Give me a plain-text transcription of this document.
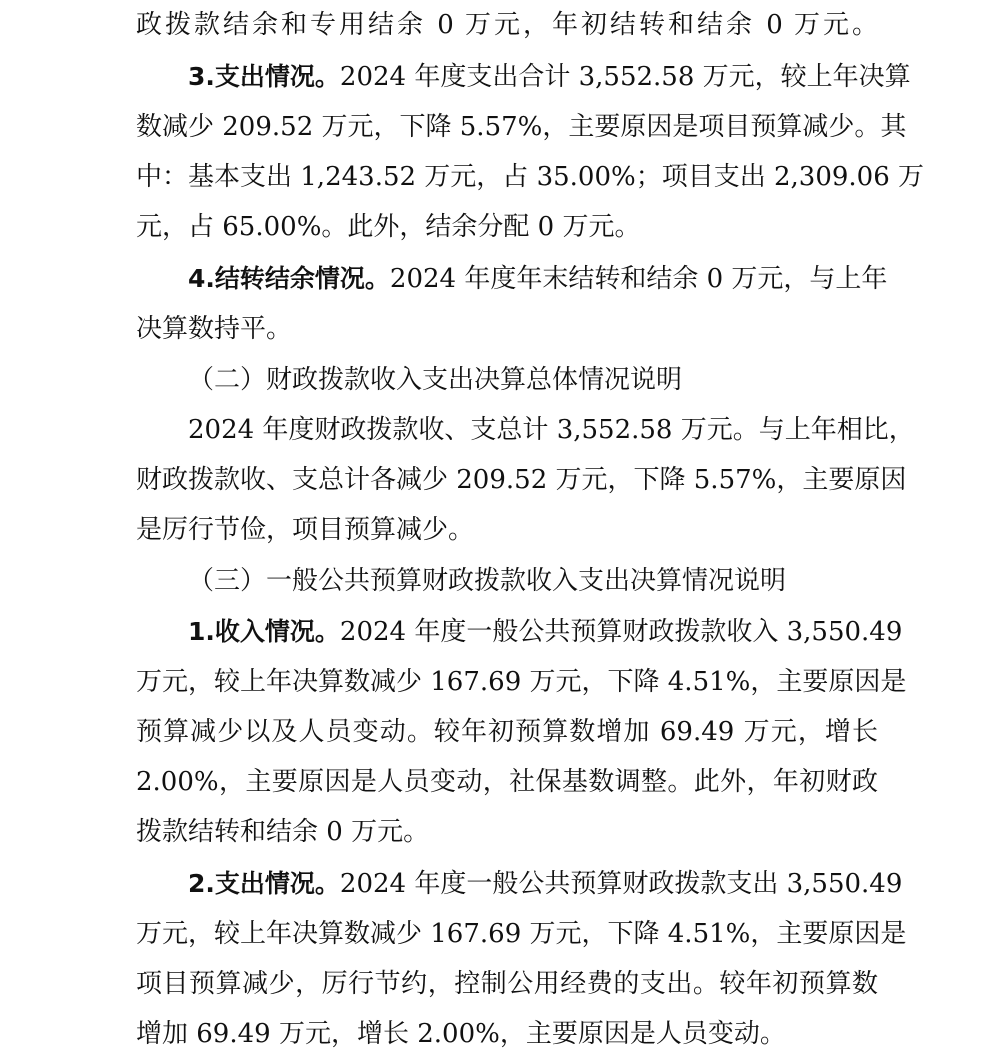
政拨款结余和专用结余 0 万元，年初结转和结余 0 万元。
3.支出情况。2024 年度支出合计 3,552.58 万元，较上年决算
数减少 209.52 万元，下降 5.57%，主要原因是项目预算减少。其
中：基本支出 1,243.52 万元，占 35.00%；项目支出 2,309.06 万
元，占 65.00%。此外，结余分配 0 万元。
4.结转结余情况。2024 年度年末结转和结余 0 万元，与上年
决算数持平。
（二）财政拨款收入支出决算总体情况说明
2024 年度财政拨款收、支总计 3,552.58 万元。与上年相比，
财政拨款收、支总计各减少 209.52 万元，下降 5.57%，主要原因
是厉行节俭，项目预算减少。
（三）一般公共预算财政拨款收入支出决算情况说明
1.收入情况。2024 年度一般公共预算财政拨款收入 3,550.49
万元，较上年决算数减少 167.69 万元，下降 4.51%，主要原因是
预算减少以及人员变动。较年初预算数增加 69.49 万元，增长
2.00%，主要原因是人员变动，社保基数调整。此外，年初财政
拨款结转和结余 0 万元。
2.支出情况。2024 年度一般公共预算财政拨款支出 3,550.49
万元，较上年决算数减少 167.69 万元，下降 4.51%，主要原因是
项目预算减少，厉行节约，控制公用经费的支出。较年初预算数
增加 69.49 万元，增长 2.00%，主要原因是人员变动。
